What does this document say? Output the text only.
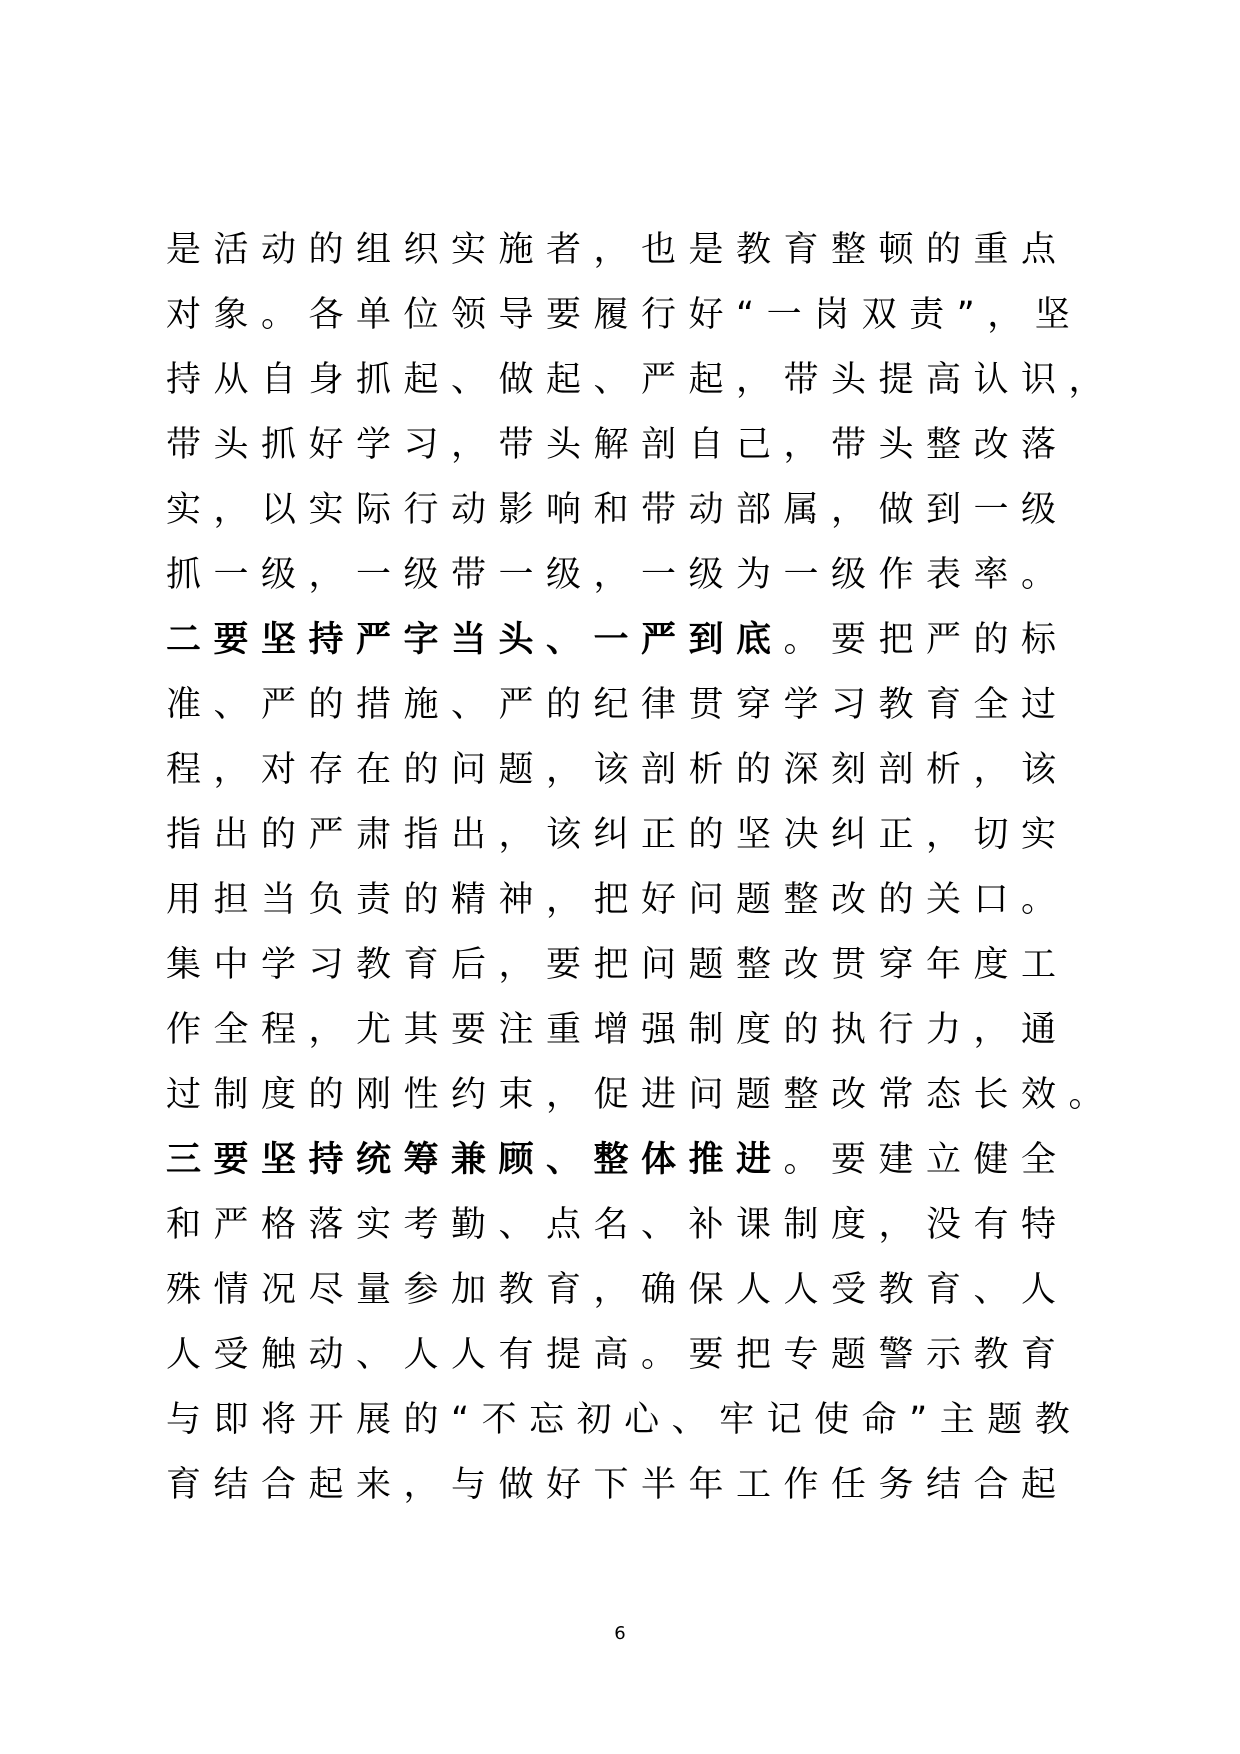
是活动的组织实施者，也是教育整顿的重点
对象。各单位领导要履行好“一岗双责”，坚
持从自身抓起、做起、严起，带头提高认识，
带头抓好学习，带头解剖自己，带头整改落
实，以实际行动影响和带动部属，做到一级
抓一级，一级带一级，一级为一级作表率。
二要坚持严字当头、一严到底。要把严的标
准、严的措施、严的纪律贯穿学习教育全过
程，对存在的问题，该剖析的深刻剖析，该
指出的严肃指出，该纠正的坚决纠正，切实
用担当负责的精神，把好问题整改的关口。
集中学习教育后，要把问题整改贯穿年度工
作全程，尤其要注重增强制度的执行力，通
过制度的刚性约束，促进问题整改常态长效。
三要坚持统筹兼顾、整体推进。要建立健全
和严格落实考勤、点名、补课制度，没有特
殊情况尽量参加教育，确保人人受教育、人
人受触动、人人有提高。要把专题警示教育
与即将开展的“不忘初心、牢记使命”主题教
育结合起来，与做好下半年工作任务结合起
6
